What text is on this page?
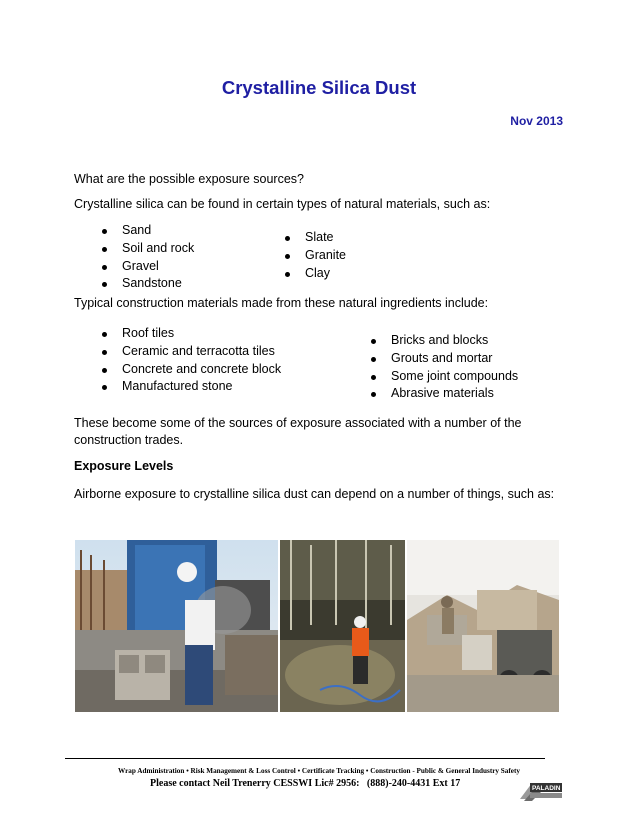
Crystalline Silica Dust
Nov 2013

What are the possible exposure sources?

Crystalline silica can be found in certain types of natural materials, such as:

Sand
Soil and rock
Gravel
Sandstone
Slate
Granite
Clay

Typical construction materials made from these natural ingredients include:

Roof tiles
Ceramic and terracotta tiles
Concrete and concrete block
Manufactured stone
Bricks and blocks
Grouts and mortar
Some joint compounds
Abrasive materials

These become some of the sources of exposure associated with a number of the
construction trades.

Exposure Levels

Airborne exposure to crystalline silica dust can depend on a number of things, such as:

Wrap Administration • Risk Management & Loss Control • Certificate Tracking • Construction - Public & General Industry Safety
Please contact Neil Trenerry CESSWI Lic# 2956:   (888)-240-4431 Ext 17	PALADIN
